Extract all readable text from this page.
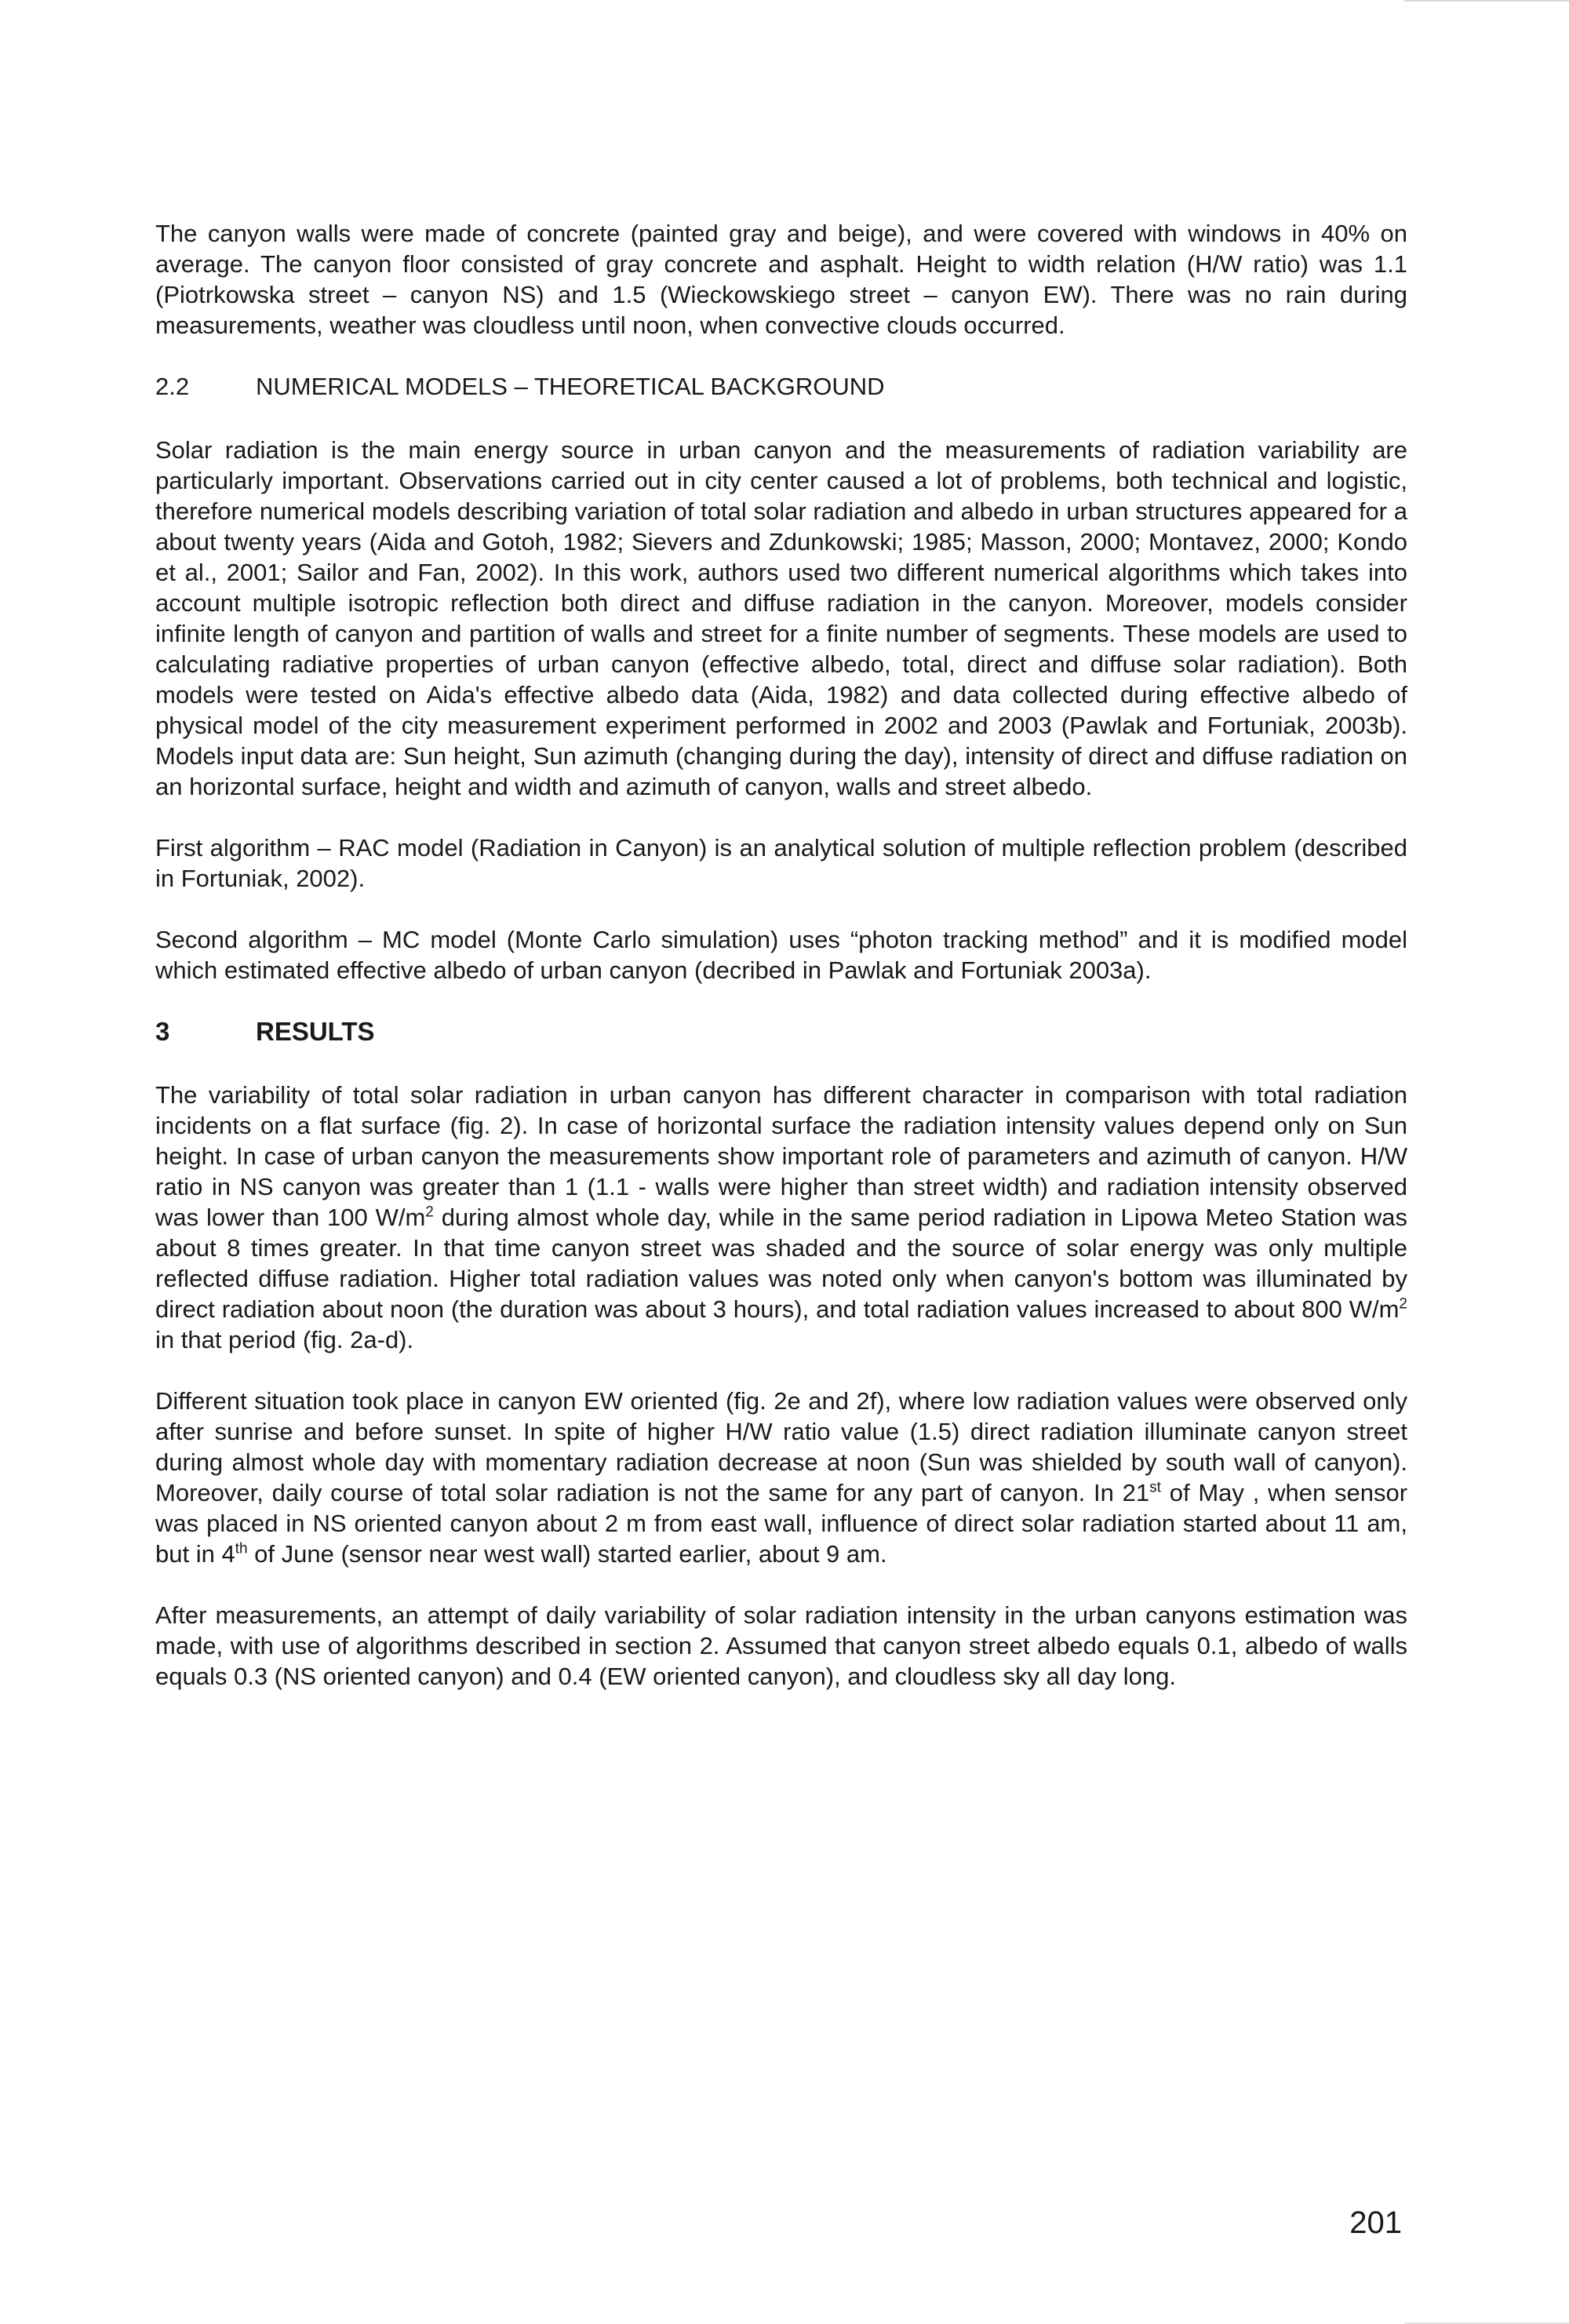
The canyon walls were made of concrete (painted gray and beige), and were covered with windows in 40% on average. The canyon floor consisted of gray concrete and asphalt. Height to width relation (H/W ratio) was 1.1 (Piotrkowska street – canyon NS) and 1.5 (Wieckowskiego street – canyon EW). There was no rain during measurements, weather was cloudless until noon, when convective clouds occurred.

2.2	NUMERICAL MODELS – THEORETICAL BACKGROUND

Solar radiation is the main energy source in urban canyon and the measurements of radiation variability are particularly important. Observations carried out in city center caused a lot of problems, both technical and logistic, therefore numerical models describing variation of total solar radiation and albedo in urban structures appeared for a about twenty years (Aida and Gotoh, 1982; Sievers and Zdunkowski; 1985; Masson, 2000; Montavez, 2000; Kondo et al., 2001; Sailor and Fan, 2002). In this work, authors used two different numerical algorithms which takes into account multiple isotropic reflection both direct and diffuse radiation in the canyon. Moreover, models consider infinite length of canyon and partition of walls and street for a finite number of segments. These models are used to calculating radiative properties of urban canyon (effective albedo, total, direct and diffuse solar radiation). Both models were tested on Aida's effective albedo data (Aida, 1982) and data collected during effective albedo of physical model of the city measurement experiment performed in 2002 and 2003 (Pawlak and Fortuniak, 2003b). Models input data are: Sun height, Sun azimuth (changing during the day), intensity of direct and diffuse radiation on an horizontal surface, height and width and azimuth of canyon, walls and street albedo.

First algorithm – RAC model (Radiation in Canyon) is an analytical solution of multiple reflection problem (described in Fortuniak, 2002).

Second algorithm – MC model (Monte Carlo simulation) uses “photon tracking method” and it is modified model which estimated effective albedo of urban canyon (decribed in Pawlak and Fortuniak 2003a).

3	RESULTS

The variability of total solar radiation in urban canyon has different character in comparison with total radiation incidents on a flat surface (fig. 2). In case of horizontal surface the radiation intensity values depend only on Sun height. In case of urban canyon the measurements show important role of parameters and azimuth of canyon. H/W ratio in NS canyon was greater than 1 (1.1 - walls were higher than street width) and radiation intensity observed was lower than 100 $W/m^2$ during almost whole day, while in the same period radiation in Lipowa Meteo Station was about 8 times greater. In that time canyon street was shaded and the source of solar energy was only multiple reflected diffuse radiation. Higher total radiation values was noted only when canyon's bottom was illuminated by direct radiation about noon (the duration was about 3 hours), and total radiation values increased to about 800 $W/m^2$ in that period (fig. 2a-d).

Different situation took place in canyon EW oriented (fig. 2e and 2f), where low radiation values were observed only after sunrise and before sunset. In spite of higher H/W ratio value (1.5) direct radiation illuminate canyon street during almost whole day with momentary radiation decrease at noon (Sun was shielded by south wall of canyon). Moreover, daily course of total solar radiation is not the same for any part of canyon. In 21st of May , when sensor was placed in NS oriented canyon about 2 m from east wall, influence of direct solar radiation started about 11 am, but in 4th of June (sensor near west wall) started earlier, about 9 am.

After measurements, an attempt of daily variability of solar radiation intensity in the urban canyons estimation was made, with use of algorithms described in section 2. Assumed that canyon street albedo equals 0.1, albedo of walls equals 0.3 (NS oriented canyon) and 0.4 (EW oriented canyon), and cloudless sky all day long.

201
